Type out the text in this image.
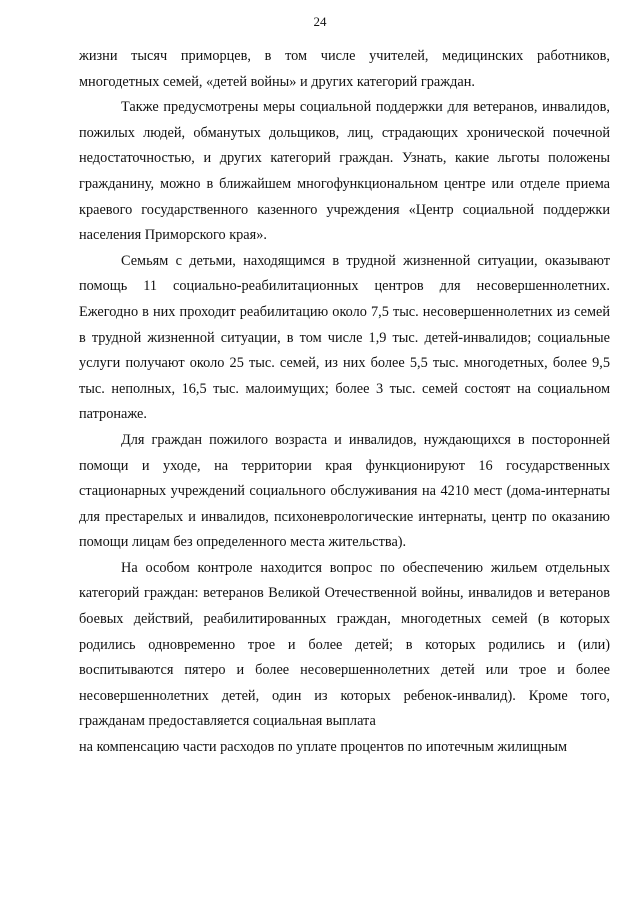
24

жизни тысяч приморцев, в том числе учителей, медицинских работников, многодетных семей, «детей войны» и других категорий граждан.

Также предусмотрены меры социальной поддержки для ветеранов, инвалидов, пожилых людей, обманутых дольщиков, лиц, страдающих хронической почечной недостаточностью, и других категорий граждан. Узнать, какие льготы положены гражданину, можно в ближайшем многофункциональном центре или отделе приема краевого государственного казенного учреждения «Центр социальной поддержки населения Приморского края».

Семьям с детьми, находящимся в трудной жизненной ситуации, оказывают помощь 11 социально-реабилитационных центров для несовершеннолетних. Ежегодно в них проходит реабилитацию около 7,5 тыс. несовершеннолетних из семей в трудной жизненной ситуации, в том числе 1,9 тыс. детей-инвалидов; социальные услуги получают около 25 тыс. семей, из них более 5,5 тыс. многодетных, более 9,5 тыс. неполных, 16,5 тыс. малоимущих; более 3 тыс. семей состоят на социальном патронаже.

Для граждан пожилого возраста и инвалидов, нуждающихся в посторонней помощи и уходе, на территории края функционируют 16 государственных стационарных учреждений социального обслуживания на 4210 мест (дома-интернаты для престарелых и инвалидов, психоневрологические интернаты, центр по оказанию помощи лицам без определенного места жительства).

На особом контроле находится вопрос по обеспечению жильем отдельных категорий граждан: ветеранов Великой Отечественной войны, инвалидов и ветеранов боевых действий, реабилитированных граждан, многодетных семей (в которых родились одновременно трое и более детей; в которых родились и (или) воспитываются пятеро и более несовершеннолетних детей или трое и более несовершеннолетних детей, один из которых ребенок-инвалид). Кроме того, гражданам предоставляется социальная выплата

на компенсацию части расходов по уплате процентов по ипотечным жилищным
